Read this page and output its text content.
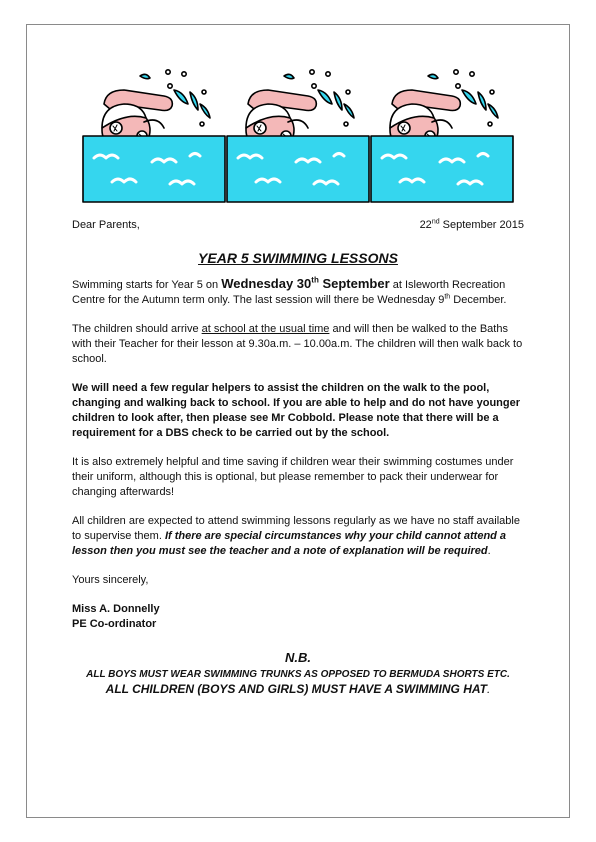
Dear Parents,	22nd September 2015
YEAR 5 SWIMMING LESSONS

Swimming starts for Year 5 on Wednesday 30th September at Isleworth Recreation Centre for the Autumn term only. The last session will there be Wednesday 9th December.

The children should arrive at school at the usual time and will then be walked to the Baths with their Teacher for their lesson at 9.30a.m. – 10.00a.m. The children will then walk back to school.

We will need a few regular helpers to assist the children on the walk to the pool, changing and walking back to school. If you are able to help and do not have younger children to look after, then please see Mr Cobbold. Please note that there will be a requirement for a DBS check to be carried out by the school.

It is also extremely helpful and time saving if children wear their swimming costumes under their uniform, although this is optional, but please remember to pack their underwear for changing afterwards!

All children are expected to attend swimming lessons regularly as we have no staff available to supervise them. If there are special circumstances why your child cannot attend a lesson then you must see the teacher and a note of explanation will be required.

Yours sincerely,
Miss A. Donnelly
PE Co-ordinator
N.B.
ALL BOYS MUST WEAR SWIMMING TRUNKS AS OPPOSED TO BERMUDA SHORTS ETC.
ALL CHILDREN (BOYS AND GIRLS) MUST HAVE A SWIMMING HAT.
